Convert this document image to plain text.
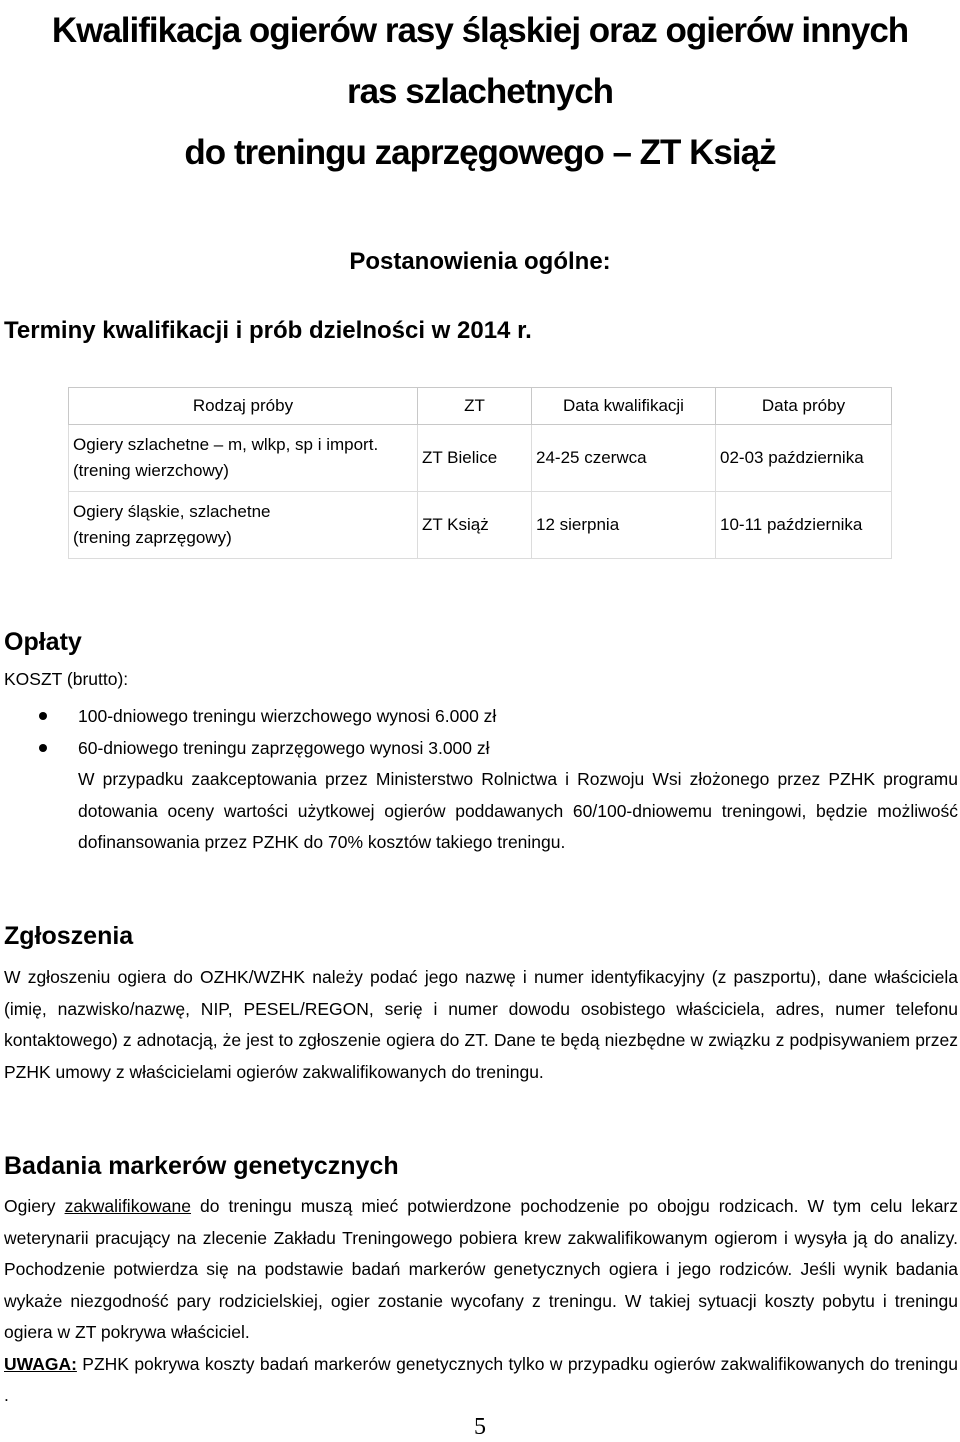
Kwalifikacja ogierów rasy śląskiej oraz ogierów innych
ras szlachetnych
do treningu zaprzęgowego – ZT Książ
Postanowienia ogólne:
Terminy kwalifikacji i prób dzielności w 2014 r.
Rodzaj próby	ZT	Data kwalifikacji	Data próby

Ogiery szlachetne – m, wlkp, sp i import.
(trening wierzchowy)	ZT Bielice	24-25 czerwca	02-03 października

Ogiery śląskie, szlachetne
(trening zaprzęgowy)	ZT Książ	12 sierpnia	10-11 października
Opłaty
KOSZT (brutto):
100-dniowego treningu wierzchowego wynosi 6.000 zł
60-dniowego treningu zaprzęgowego wynosi 3.000 zł
W przypadku zaakceptowania przez Ministerstwo Rolnictwa i Rozwoju Wsi złożonego przez PZHK programu dotowania oceny wartości użytkowej ogierów poddawanych 60/100-dniowemu treningowi, będzie możliwość dofinansowania przez PZHK do 70% kosztów takiego treningu.
Zgłoszenia
W zgłoszeniu ogiera do OZHK/WZHK należy podać jego nazwę i numer identyfikacyjny (z paszportu), dane właściciela (imię, nazwisko/nazwę, NIP, PESEL/REGON, serię i numer dowodu osobistego właściciela, adres, numer telefonu kontaktowego) z adnotacją, że jest to zgłoszenie ogiera do ZT. Dane te będą niezbędne w związku z podpisywaniem przez PZHK umowy z właścicielami ogierów zakwalifikowanych do treningu.
Badania markerów genetycznych
Ogiery zakwalifikowane do treningu muszą mieć potwierdzone pochodzenie po obojgu rodzicach. W tym celu lekarz weterynarii pracujący na zlecenie Zakładu Treningowego pobiera krew zakwalifikowanym ogierom i wysyła ją do analizy. Pochodzenie potwierdza się na podstawie badań markerów genetycznych ogiera i jego rodziców. Jeśli wynik badania wykaże niezgodność pary rodzicielskiej, ogier zostanie wycofany z treningu. W takiej sytuacji koszty pobytu i treningu ogiera w ZT pokrywa właściciel.
UWAGA: PZHK pokrywa koszty badań markerów genetycznych tylko w przypadku ogierów zakwalifikowanych do treningu .
5
